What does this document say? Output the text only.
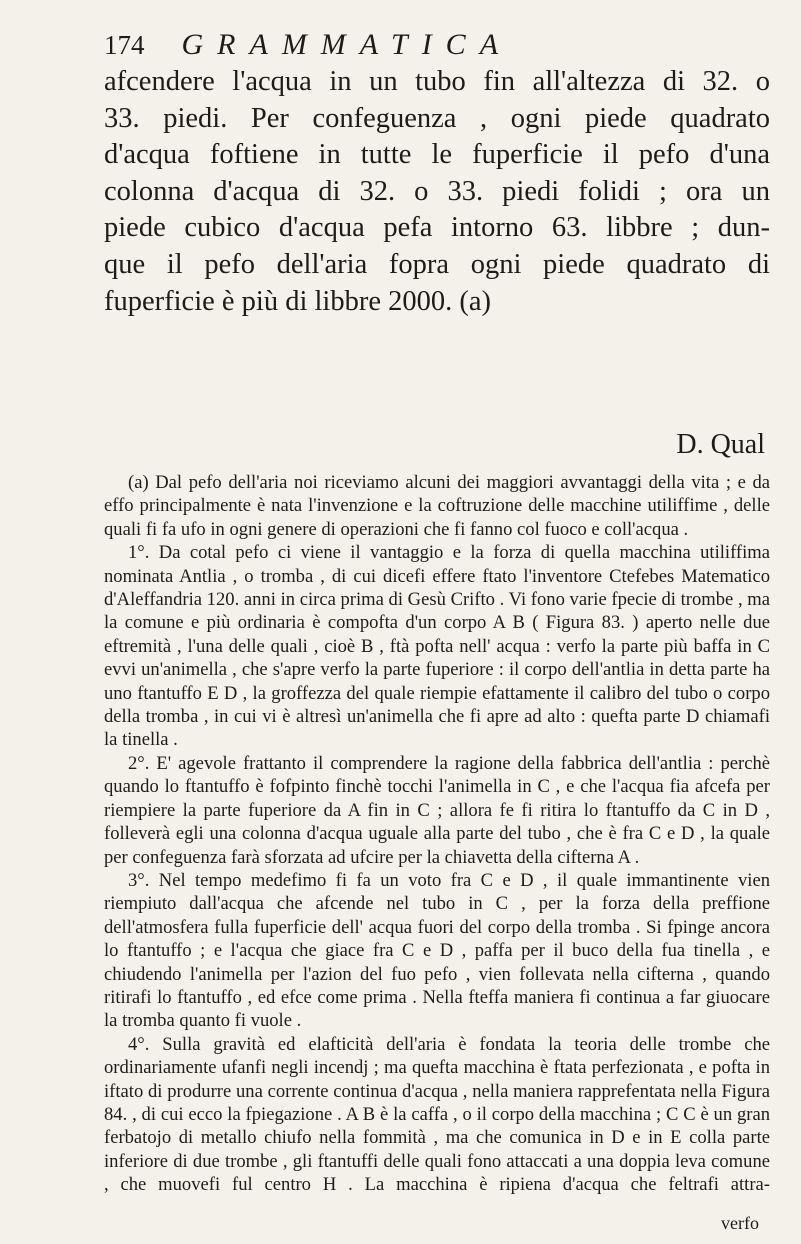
174 GRAMMATICA

afcendere l'acqua in un tubo fin all'altezza di 32. o

33. piedi. Per confeguenza , ogni piede quadrato

d'acqua foftiene in tutte le fuperficie il pefo d'una

colonna d'acqua di 32. o 33. piedi folidi ; ora un

piede cubico d'acqua pefa intorno 63. libbre ; dun-

que il pefo dell'aria fopra ogni piede quadrato di

fuperficie è più di libbre 2000. (a)

D. Qual

(a) Dal pefo dell'aria noi riceviamo alcuni dei maggiori avvantaggi della vita ; e da effo principalmente è nata l'invenzione e la coftruzione delle macchine utiliffime , delle quali fi fa ufo in ogni genere di operazioni che fi fanno col fuoco e coll'acqua .

1°. Da cotal pefo ci viene il vantaggio e la forza di quella macchina utiliffima nominata Antlia , o tromba , di cui dicefi effere ftato l'inventore Ctefebes Matematico d'Aleffandria 120. anni in circa prima di Gesù Crifto . Vi fono varie fpecie di trombe , ma la comune e più ordinaria è compofta d'un corpo A B ( Figura 83. ) aperto nelle due eftremità , l'una delle quali , cioè B , ftà pofta nell' acqua : verfo la parte più baffa in C evvi un'animella , che s'apre verfo la parte fuperiore : il corpo dell'antlia in detta parte ha uno ftantuffo E D , la groffezza del quale riempie efattamente il calibro del tubo o corpo della tromba , in cui vi è altresì un'animella che fi apre ad alto : quefta parte D chiamafi la tinella .

2°. E' agevole frattanto il comprendere la ragione della fabbrica dell'antlia : perchè quando lo ftantuffo è fofpinto finchè tocchi l'animella in C , e che l'acqua fia afcefa per riempiere la parte fuperiore da A fin in C ; allora fe fi ritira lo ftantuffo da C in D , folleverà egli una colonna d'acqua uguale alla parte del tubo , che è fra C e D , la quale per confeguenza farà sforzata ad ufcire per la chiavetta della cifterna A .

3°. Nel tempo medefimo fi fa un voto fra C e D , il quale immantinente vien riempiuto dall'acqua che afcende nel tubo in C , per la forza della preffione dell'atmosfera fulla fuperficie dell' acqua fuori del corpo della tromba . Si fpinge ancora lo ftantuffo ; e l'acqua che giace fra C e D , paffa per il buco della fua tinella , e chiudendo l'animella per l'azion del fuo pefo , vien follevata nella cifterna , quando ritirafi lo ftantuffo , ed efce come prima . Nella fteffa maniera fi continua a far giuocare la tromba quanto fi vuole .

4°. Sulla gravità ed elafticità dell'aria è fondata la teoria delle trombe che ordinariamente ufanfi negli incendj ; ma quefta macchina è ftata perfezionata , e pofta in iftato di produrre una corrente continua d'acqua , nella maniera rapprefentata nella Figura 84. , di cui ecco la fpiegazione . A B è la caffa , o il corpo della macchina ; C C è un gran ferbatojo di metallo chiufo nella fommità , ma che comunica in D e in E colla parte inferiore di due trombe , gli ftantuffi delle quali fono attaccati a una doppia leva comune , che muovefi ful centro H . La macchina è ripiena d'acqua che feltrafi attra-

verfo
